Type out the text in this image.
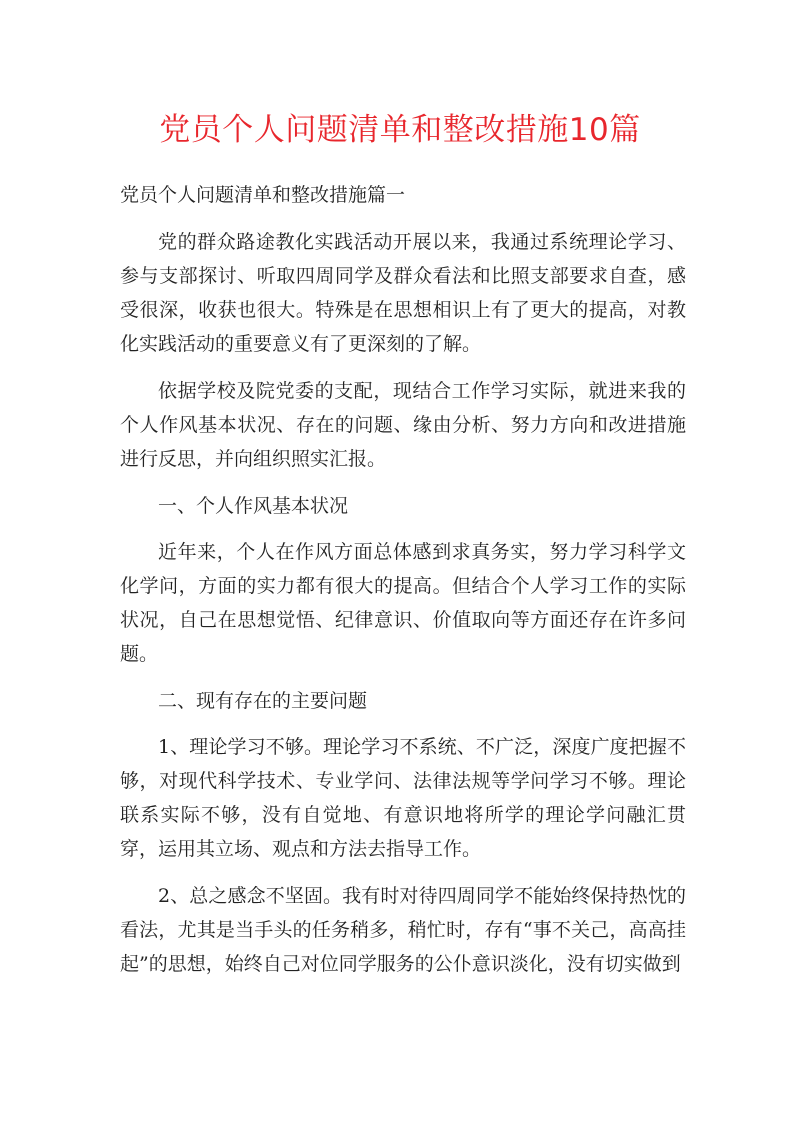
党员个人问题清单和整改措施10篇

党员个人问题清单和整改措施篇一

党的群众路途教化实践活动开展以来，我通过系统理论学习、参与支部探讨、听取四周同学及群众看法和比照支部要求自查，感受很深，收获也很大。特殊是在思想相识上有了更大的提高，对教化实践活动的重要意义有了更深刻的了解。

依据学校及院党委的支配，现结合工作学习实际，就进来我的个人作风基本状况、存在的问题、缘由分析、努力方向和改进措施进行反思，并向组织照实汇报。

一、个人作风基本状况

近年来，个人在作风方面总体感到求真务实，努力学习科学文化学问，方面的实力都有很大的提高。但结合个人学习工作的实际状况，自己在思想觉悟、纪律意识、价值取向等方面还存在许多问题。

二、现有存在的主要问题

1、理论学习不够。理论学习不系统、不广泛，深度广度把握不够，对现代科学技术、专业学问、法律法规等学问学习不够。理论联系实际不够，没有自觉地、有意识地将所学的理论学问融汇贯穿，运用其立场、观点和方法去指导工作。

2、总之感念不坚固。我有时对待四周同学不能始终保持热忱的看法，尤其是当手头的任务稍多，稍忙时，存有“事不关己，高高挂起”的思想，始终自己对位同学服务的公仆意识淡化，没有切实做到
